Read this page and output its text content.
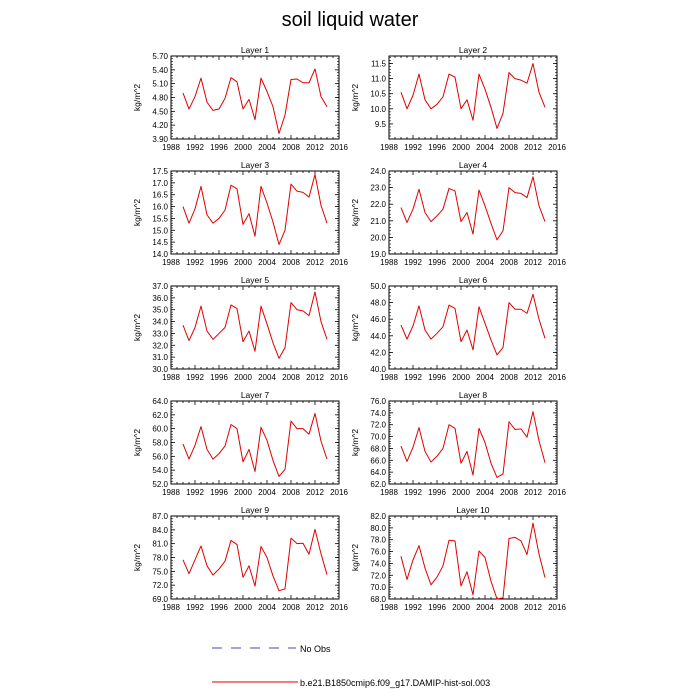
soil liquid water
Layer 1
kg/m^2
1988 1992 1996 2000 2004 2008 2012 2016
3.90
4.20
4.50
4.80
5.10
5.40
5.70
Layer 2
kg/m^2
1988 1992 1996 2000 2004 2008 2012 2016
9.5
10.0
10.5
11.0
11.5
Layer 3
kg/m^2
1988 1992 1996 2000 2004 2008 2012 2016
14.0
14.5
15.0
15.5
16.0
16.5
17.0
17.5
Layer 4
kg/m^2
1988 1992 1996 2000 2004 2008 2012 2016
19.0
20.0
21.0
22.0
23.0
24.0
Layer 5
kg/m^2
1988 1992 1996 2000 2004 2008 2012 2016
30.0
31.0
32.0
33.0
34.0
35.0
36.0
37.0
Layer 6
kg/m^2
1988 1992 1996 2000 2004 2008 2012 2016
40.0
42.0
44.0
46.0
48.0
50.0
Layer 7
kg/m^2
1988 1992 1996 2000 2004 2008 2012 2016
52.0
54.0
56.0
58.0
60.0
62.0
64.0
Layer 8
kg/m^2
1988 1992 1996 2000 2004 2008 2012 2016
62.0
64.0
66.0
68.0
70.0
72.0
74.0
76.0
Layer 9
kg/m^2
1988 1992 1996 2000 2004 2008 2012 2016
69.0
72.0
75.0
78.0
81.0
84.0
87.0
Layer 10
kg/m^2
1988 1992 1996 2000 2004 2008 2012 2016
68.0
70.0
72.0
74.0
76.0
78.0
80.0
82.0
No Obs
b.e21.B1850cmip6.f09_g17.DAMIP-hist-sol.003
